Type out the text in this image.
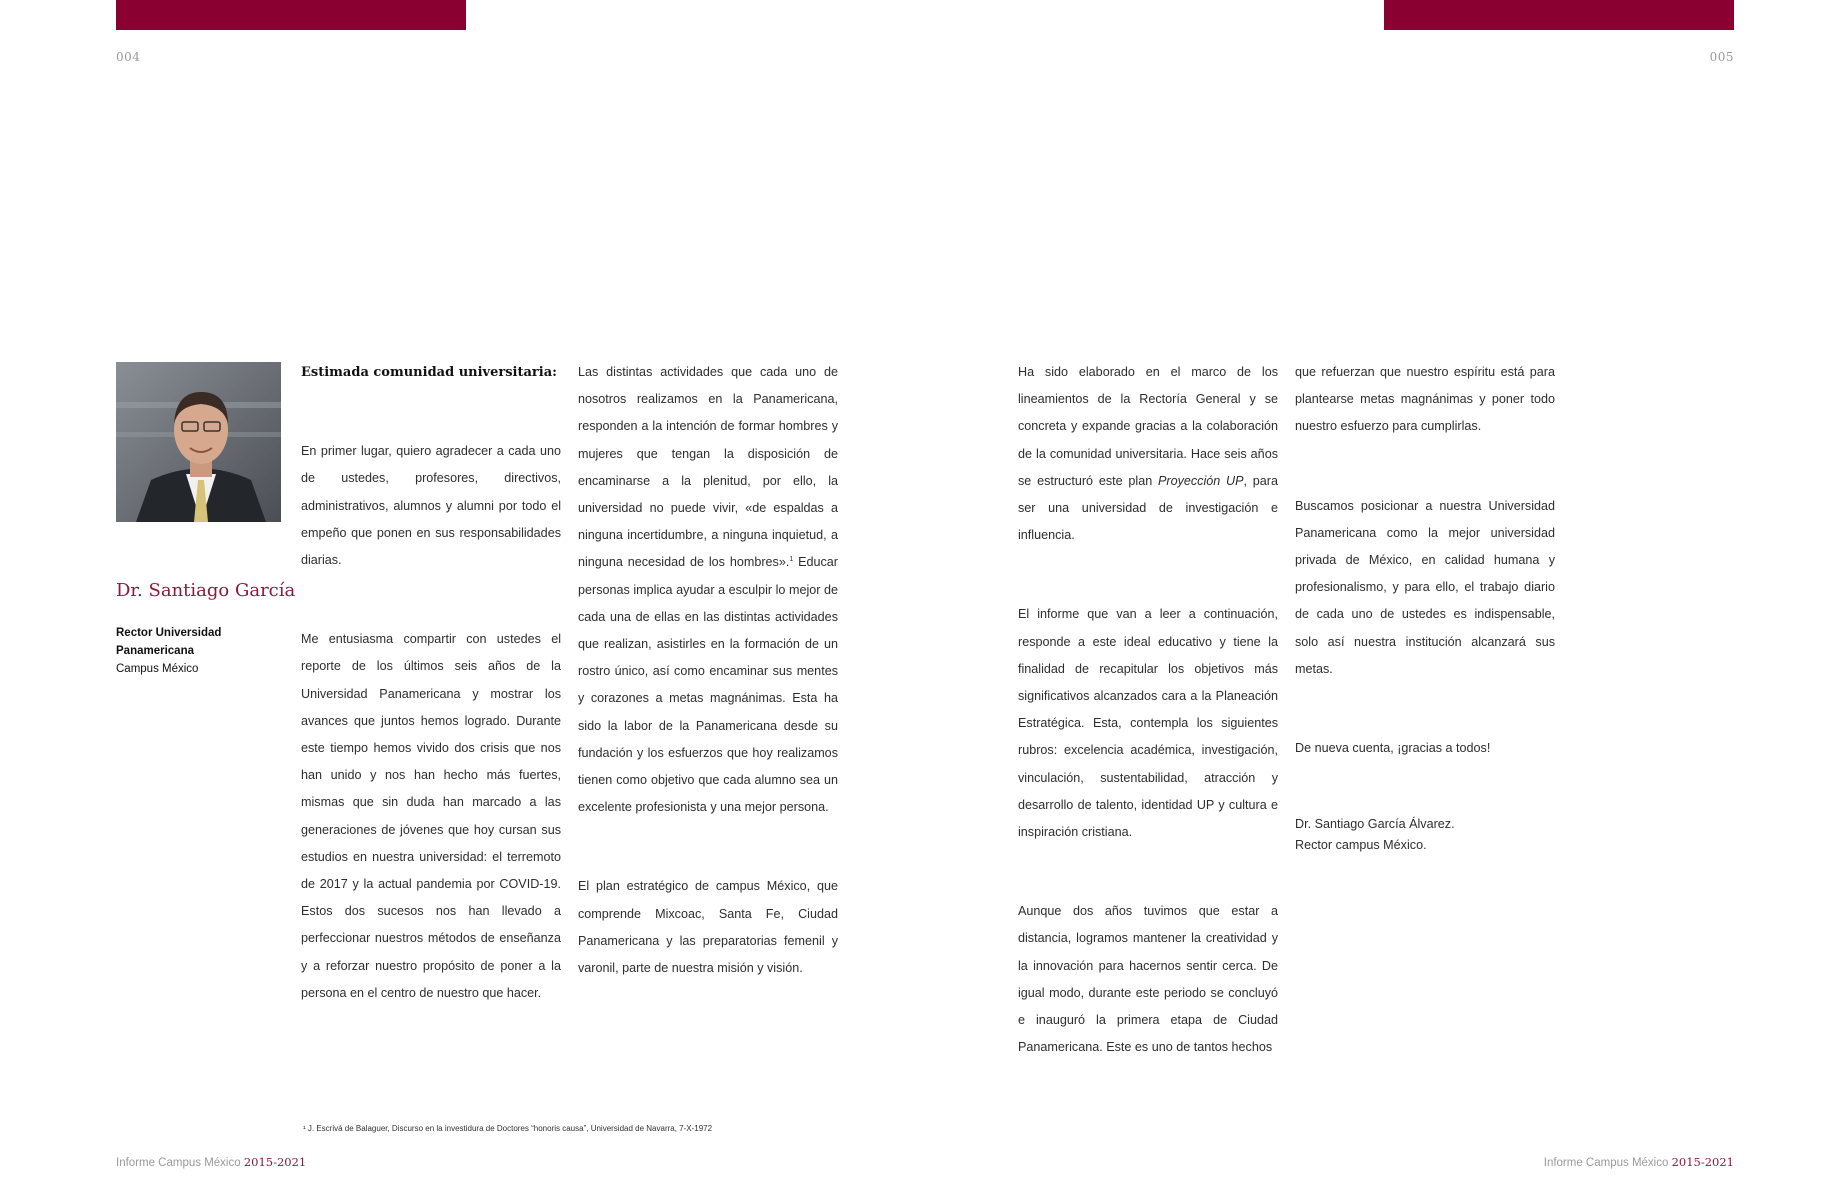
004	005
Dr. Santiago García
Rector Universidad
Panamericana
Campus México
Estimada comunidad universitaria:

En primer lugar, quiero agradecer a cada uno de ustedes, profesores, directivos, administrativos, alumnos y alumni por todo el empeño que ponen en sus responsabilidades diarias.

Me entusiasma compartir con ustedes el reporte de los últimos seis años de la Universidad Panamericana y mostrar los avances que juntos hemos logrado. Durante este tiempo hemos vivido dos crisis que nos han unido y nos han hecho más fuertes, mismas que sin duda han marcado a las generaciones de jóvenes que hoy cursan sus estudios en nuestra universidad: el terremoto de 2017 y la actual pandemia por COVID-19. Estos dos sucesos nos han llevado a perfeccionar nuestros métodos de enseñanza y a reforzar nuestro propósito de poner a la persona en el centro de nuestro que hacer.

Las distintas actividades que cada uno de nosotros realizamos en la Panamericana, responden a la intención de formar hombres y mujeres que tengan la disposición de encaminarse a la plenitud, por ello, la universidad no puede vivir, «de espaldas a ninguna incertidumbre, a ninguna inquietud, a ninguna necesidad de los hombres».$^1$ Educar personas implica ayudar a esculpir lo mejor de cada una de ellas en las distintas actividades que realizan, asistirles en la formación de un rostro único, así como encaminar sus mentes y corazones a metas magnánimas. Esta ha sido la labor de la Panamericana desde su fundación y los esfuerzos que hoy realizamos tienen como objetivo que cada alumno sea un excelente profesionista y una mejor persona.

El plan estratégico de campus México, que comprende Mixcoac, Santa Fe, Ciudad Panamericana y las preparatorias femenil y varonil, parte de nuestra misión y visión.

Ha sido elaborado en el marco de los lineamientos de la Rectoría General y se concreta y expande gracias a la colaboración de la comunidad universitaria. Hace seis años se estructuró este plan Proyección UP, para ser una universidad de investigación e influencia.

El informe que van a leer a continuación, responde a este ideal educativo y tiene la finalidad de recapitular los objetivos más significativos alcanzados cara a la Planeación Estratégica. Esta, contempla los siguientes rubros: excelencia académica, investigación, vinculación, sustentabilidad, atracción y desarrollo de talento, identidad UP y cultura e inspiración cristiana.

Aunque dos años tuvimos que estar a distancia, logramos mantener la creatividad y la innovación para hacernos sentir cerca. De igual modo, durante este periodo se concluyó e inauguró la primera etapa de Ciudad Panamericana. Este es uno de tantos hechos

que refuerzan que nuestro espíritu está para plantearse metas magnánimas y poner todo nuestro esfuerzo para cumplirlas.

Buscamos posicionar a nuestra Universidad Panamericana como la mejor universidad privada de México, en calidad humana y profesionalismo, y para ello, el trabajo diario de cada uno de ustedes es indispensable, solo así nuestra institución alcanzará sus metas.

De nueva cuenta, ¡gracias a todos!

Dr. Santiago García Álvarez.
Rector campus México.

¹ J. Escrivá de Balaguer, Discurso en la investidura de Doctores “honoris causa”, Universidad de Navarra, 7-X-1972
Informe Campus México 2015-2021	Informe Campus México 2015-2021
